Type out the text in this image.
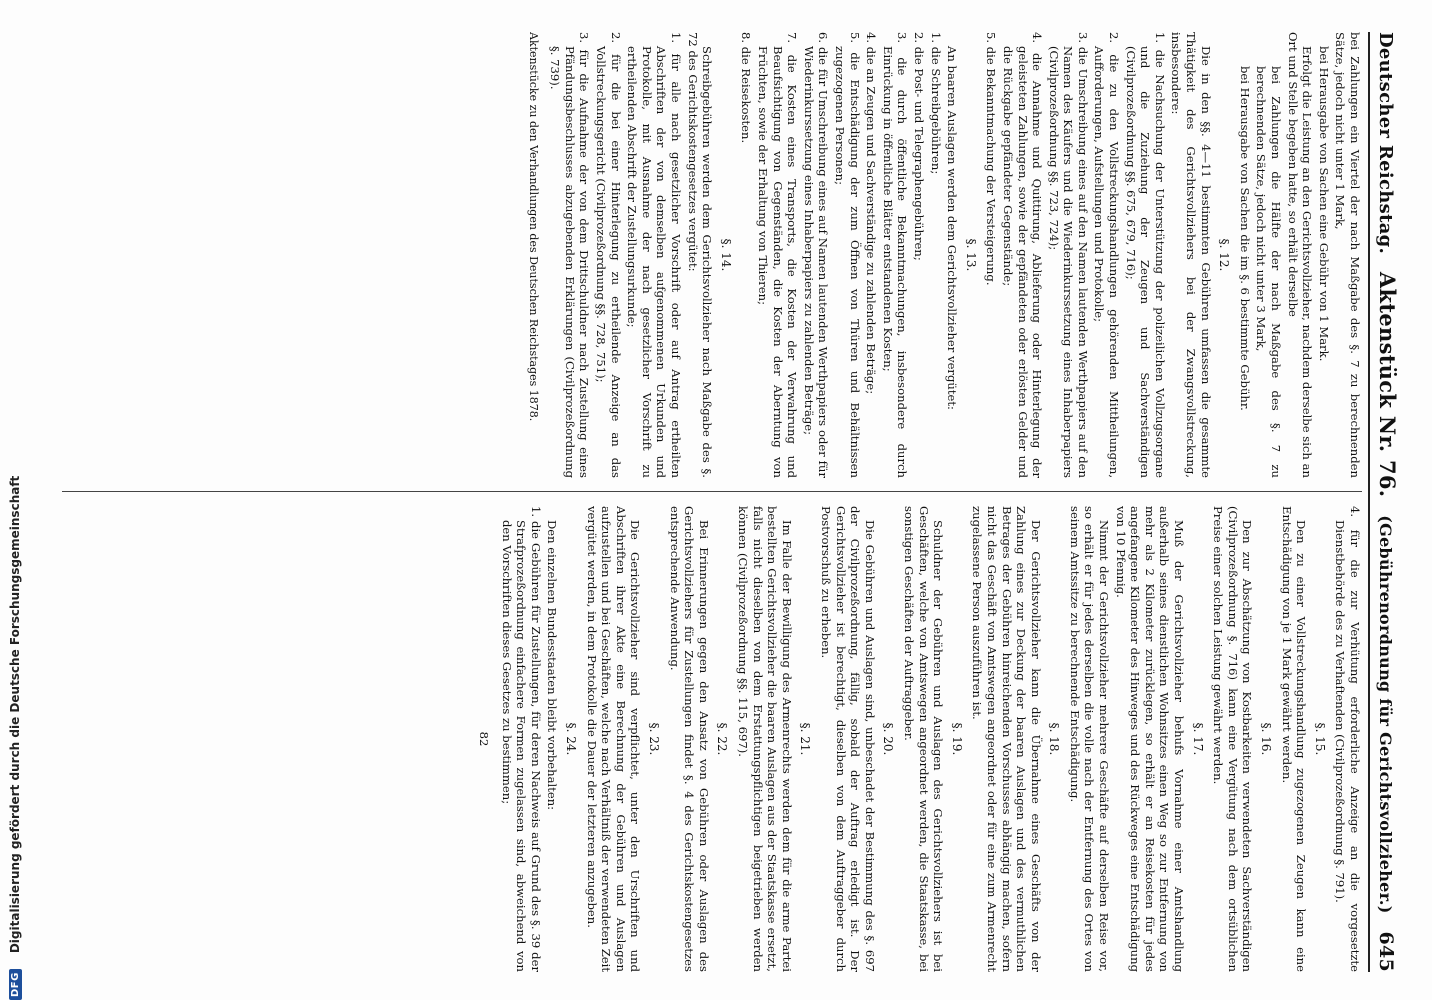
Deutscher Reichstag.
Aktenstück Nr. 76.
(Gebührenordnung für Gerichtsvollzieher.)
645

bei Zahlungen ein Viertel der nach Maßgabe des §. 7 zu berechnenden Sätze, jedoch nicht unter 1 Mark,

bei Herausgabe von Sachen eine Gebühr von 1 Mark.

Erfolgt die Leistung an den Gerichtsvollzieher, nachdem derselbe sich an Ort und Stelle begeben hatte, so erhält derselbe

bei Zahlungen die Hälfte der nach Maßgabe des §. 7 zu berechnenden Sätze, jedoch nicht unter 3 Mark,

bei Herausgabe von Sachen die im §. 6 bestimmte Gebühr.

§. 12.

Die in den §§. 4—11 bestimmten Gebühren umfassen die gesammte Thätigkeit des Gerichtsvollziehers bei der Zwangsvollstreckung, insbesondere:

1. die Nachsuchung der Unterstützung der polizeilichen Vollzugsorgane und die Zuziehung der Zeugen und Sachverständigen (Civilprozeßordnung §§. 675, 679, 716);

2. die zu den Vollstreckungshandlungen gehörenden Mittheilungen, Aufforderungen, Aufstellungen und Protokolle;

3. die Umschreibung eines auf den Namen lautenden Werthpapiers auf den Namen des Käufers und die Wiederinkurssetzung eines Inhaberpapiers (Civilprozeßordnung §§. 723, 724);

4. die Annahme und Quittirung, Ablieferung oder Hinterlegung der geleisteten Zahlungen, sowie der gepfändeten oder erlösten Gelder und die Rückgabe gepfändeter Gegenstände;

5. die Bekanntmachung der Versteigerung.

§. 13.

An baaren Auslagen werden dem Gerichtsvollzieher vergütet:

1. die Schreibgebühren;

2. die Post- und Telegraphengebühren;

3. die durch öffentliche Bekanntmachungen, insbesondere durch Einrückung in öffentliche Blätter entstandenen Kosten;

4. die an Zeugen und Sachverständige zu zahlenden Beträge;

5. die Entschädigung der zum Öffnen von Thüren und Behältnissen zugezogenen Personen;

6. die für Umschreibung eines auf Namen lautenden Werthpapiers oder für Wiederinkurssetzung eines Inhaberpapiers zu zahlenden Beträge;

7. die Kosten eines Transports, die Kosten der Verwahrung und Beaufsichtigung von Gegenständen, die Kosten der Aberntung von Früchten, sowie der Erhaltung von Thieren;

8. die Reisekosten.

§. 14.

Schreibgebühren werden dem Gerichtsvollzieher nach Maßgabe des §. 72 des Gerichtskostengesetzes vergütet:

1. für alle nach gesetzlicher Vorschrift oder auf Antrag ertheilten Abschriften der von demselben aufgenommenen Urkunden und Protokolle, mit Ausnahme der nach gesetzlicher Vorschrift zu ertheilenden Abschrift der Zustellungsurkunde;

2. für die bei einer Hinterlegung zu ertheilende Anzeige an das Vollstreckungsgericht (Civilprozeßordnung §§. 728, 751);

3. für die Aufnahme der von dem Drittschuldner nach Zustellung eines Pfändungsbeschlusses abzugebenden Erklärungen (Civilprozeßordnung §. 739).

Aktenstücke zu den Verhandlungen des Deutschen Reichstages 1878.

4. für die zur Verhütung erforderliche Anzeige an die vorgesetzte Dienstbehörde des zu Verhaftenden (Civilprozeßordnung §. 791).

§. 15.

Den zu einer Vollstreckungshandlung zugezogenen Zeugen kann eine Entschädigung von je 1 Mark gewährt werden.

§. 16.

Den zur Abschätzung von Kostbarkeiten verwendeten Sachverständigen (Civilprozeßordnung §. 716) kann eine Vergütung nach dem ortsüblichen Preise einer solchen Leistung gewährt werden.

§. 17.

Muß der Gerichtsvollzieher behufs Vornahme einer Amtshandlung außerhalb seines dienstlichen Wohnsitzes einen Weg so zur Entfernung von mehr als 2 Kilometer zurücklegen, so erhält er an Reisekosten für jedes angefangene Kilometer des Hinweges und des Rückweges eine Entschädigung von 10 Pfennig.

Nimmt der Gerichtsvollzieher mehrere Geschäfte auf derselben Reise vor, so erhält er für jedes derselben die volle nach der Entfernung des Ortes von seinem Amtssitze zu berechnende Entschädigung.

§. 18.

Der Gerichtsvollzieher kann die Übernahme eines Geschäfts von der Zahlung eines zur Deckung der baaren Auslagen und des vermuthlichen Betrages der Gebühren hinreichenden Vorschusses abhängig machen, sofern nicht das Geschäft von Amtswegen angeordnet oder für eine zum Armenrecht zugelassene Person auszuführen ist.

§. 19.

Schuldner der Gebühren und Auslagen des Gerichtsvollziehers ist bei Geschäften, welche von Amtswegen angeordnet werden, die Staatskasse, bei sonstigen Geschäften der Auftraggeber.

§. 20.

Die Gebühren und Auslagen sind, unbeschadet der Bestimmung des §. 697 der Civilprozeßordnung, fällig, sobald der Auftrag erledigt ist. Der Gerichtsvollzieher ist berechtigt, dieselben von dem Auftraggeber durch Postvorschuß zu erheben.

§. 21.

Im Falle der Bewilligung des Armenrechts werden dem für die arme Partei bestellten Gerichtsvollzieher die baaren Auslagen aus der Staatskasse ersetzt, falls nicht dieselben von dem Erstattungspflichtigen beigetrieben werden können (Civilprozeßordnung §§. 115, 697).

§. 22.

Bei Erinnerungen gegen den Ansatz von Gebühren oder Auslagen des Gerichtsvollziehers für Zustellungen findet §. 4 des Gerichtskostengesetzes entsprechende Anwendung.

§. 23.

Die Gerichtsvollzieher sind verpflichtet, unter den Urschriften und Abschriften ihrer Akte eine Berechnung der Gebühren und Auslagen aufzustellen und bei Geschäften, welche nach Verhältniß der verwendeten Zeit vergütet werden, in dem Protokolle die Dauer der letzteren anzugeben.

§. 24.

Den einzelnen Bundesstaaten bleibt vorbehalten:

1. die Gebühren für Zustellungen, für deren Nachweis auf Grund des §. 39 der Strafprozeßordnung einfachere Formen zugelassen sind, abweichend von den Vorschriften dieses Gesetzes zu bestimmen;

82

DFG
Digitalisierung gefördert durch die Deutsche Forschungsgemeinschaft
